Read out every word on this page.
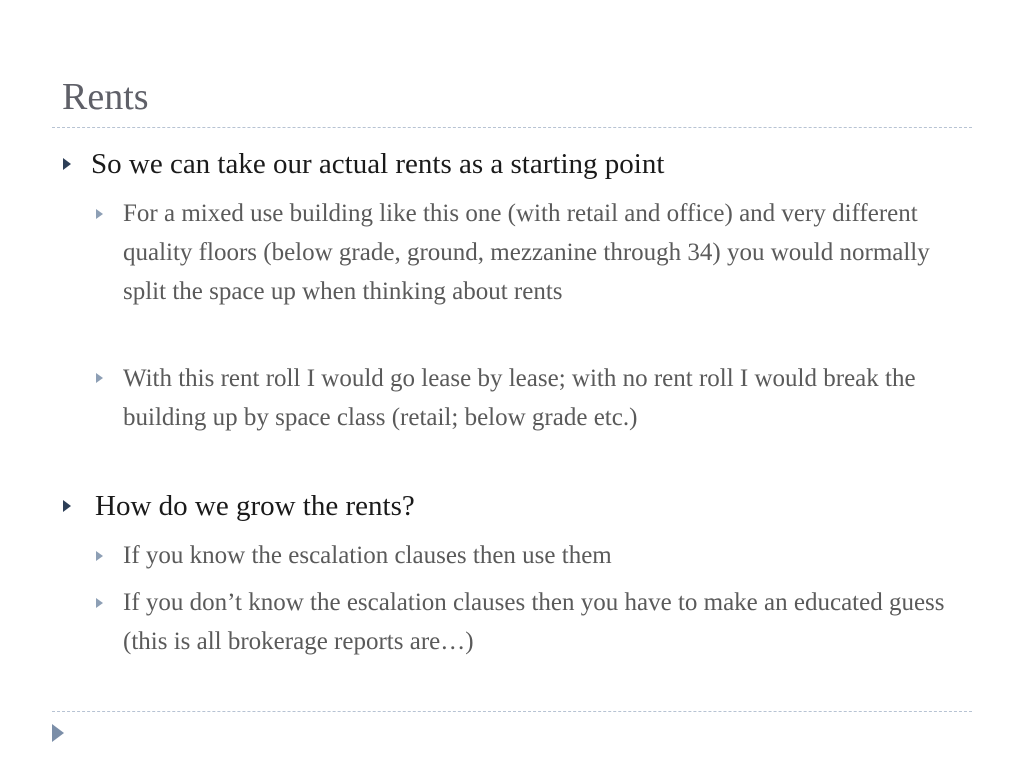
Rents

So we can take our actual rents as a starting point

For a mixed use building like this one (with retail and office) and very different quality floors (below grade, ground, mezzanine through 34) you would normally split the space up when thinking about rents

With this rent roll I would go lease by lease; with no rent roll I would break the building up by space class (retail; below grade etc.)

How do we grow the rents?

If you know the escalation clauses then use them

If you don’t know the escalation clauses then you have to make an educated guess (this is all brokerage reports are…)
